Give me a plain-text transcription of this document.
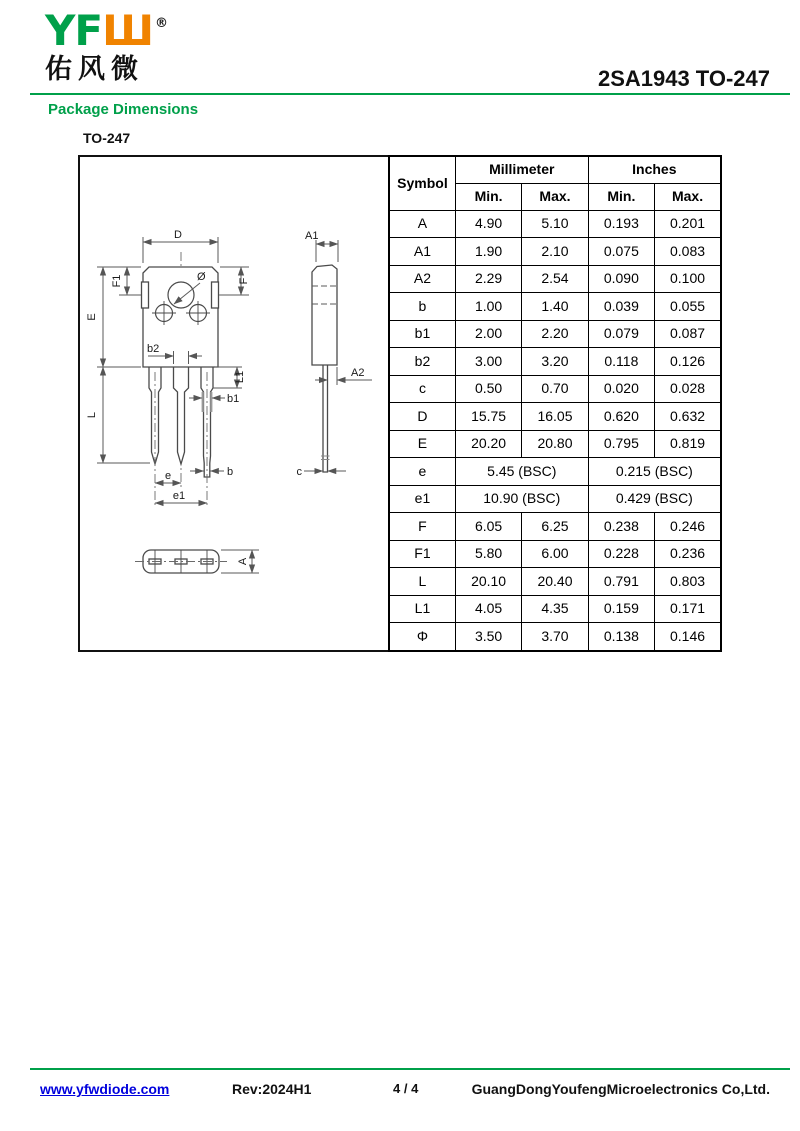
YFШ ®
佑风微	2SA1943 TO-247
Package Dimensions
TO-247
Ø
D
F1
E
F
L
b2
L1
b1
b
e
e1
A1
A2
c
A
Symbol	Millimeter		Inches	
	Min.	Max.	Min.	Max.
A	4.90	5.10	0.193	0.201
A1	1.90	2.10	0.075	0.083
A2	2.29	2.54	0.090	0.100
b	1.00	1.40	0.039	0.055
b1	2.00	2.20	0.079	0.087
b2	3.00	3.20	0.118	0.126
c	0.50	0.70	0.020	0.028
D	15.75	16.05	0.620	0.632
E	20.20	20.80	0.795	0.819
e	5.45 (BSC)		0.215 (BSC)	
e1	10.90 (BSC)		0.429 (BSC)	
F	6.05	6.25	0.238	0.246
F1	5.80	6.00	0.228	0.236
L	20.10	20.40	0.791	0.803
L1	4.05	4.35	0.159	0.171
Φ	3.50	3.70	0.138	0.146
www.yfwdiode.com	Rev:2024H1	4 / 4	GuangDongYoufengMicroelectronics Co,Ltd.
